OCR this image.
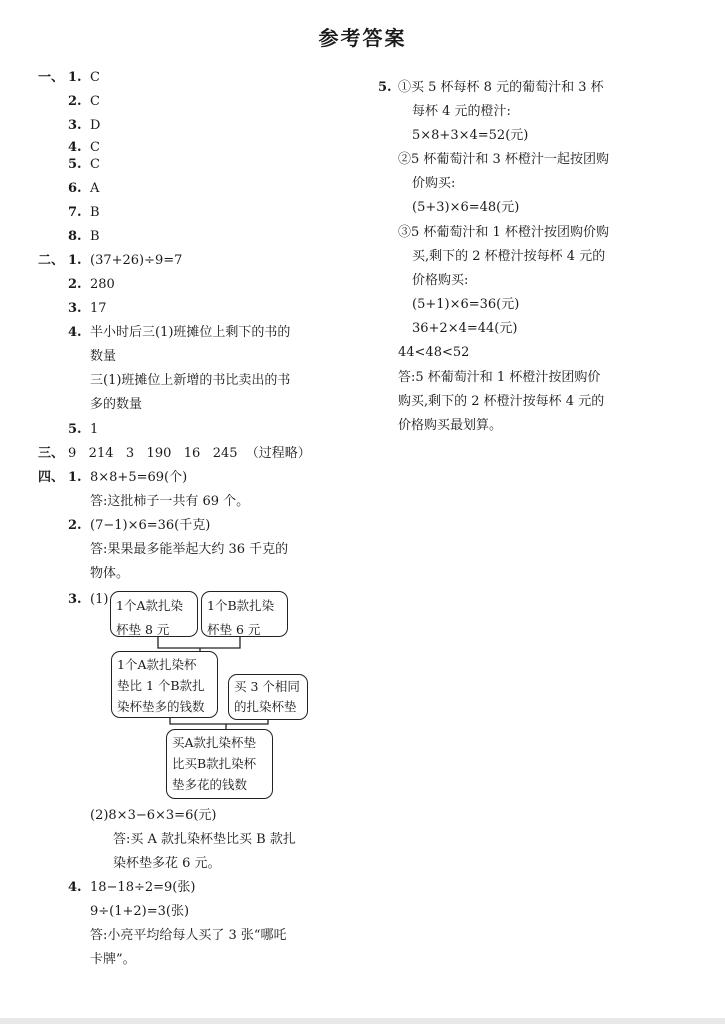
参考答案
一、 1. C
2. C
3. D
4. C
5. C
6. A
7. B
8. B
二、 1. (37+26)÷9=7
2. 280
3. 17
4. 半小时后三(1)班摊位上剩下的书的
数量
三(1)班摊位上新增的书比卖出的书
多的数量
5. 1
三、 9   214   3   190   16   245  （过程略）
四、 1. 8×8+5=69(个)
答:这批柿子一共有 69 个。
2. (7−1)×6=36(千克)
答:果果最多能举起大约 36 千克的
物体。
3. (1) 1个A款扎染
杯垫 8 元
1个B款扎染
杯垫 6 元
1个A款扎染杯
垫比 1 个B款扎
染杯垫多的钱数
买 3 个相同
的扎染杯垫
买A款扎染杯垫
比买B款扎染杯
垫多花的钱数
(2)8×3−6×3=6(元)
答:买 A 款扎染杯垫比买 B 款扎
染杯垫多花 6 元。
4. 18−18÷2=9(张)
9÷(1+2)=3(张)
答:小亮平均给每人买了 3 张“哪吒
卡牌”。
5. ①买 5 杯每杯 8 元的葡萄汁和 3 杯
每杯 4 元的橙汁:
5×8+3×4=52(元)
②5 杯葡萄汁和 3 杯橙汁一起按团购
价购买:
(5+3)×6=48(元)
③5 杯葡萄汁和 1 杯橙汁按团购价购
买,剩下的 2 杯橙汁按每杯 4 元的
价格购买:
(5+1)×6=36(元)
36+2×4=44(元)
44<48<52
答:5 杯葡萄汁和 1 杯橙汁按团购价
购买,剩下的 2 杯橙汁按每杯 4 元的
价格购买最划算。
